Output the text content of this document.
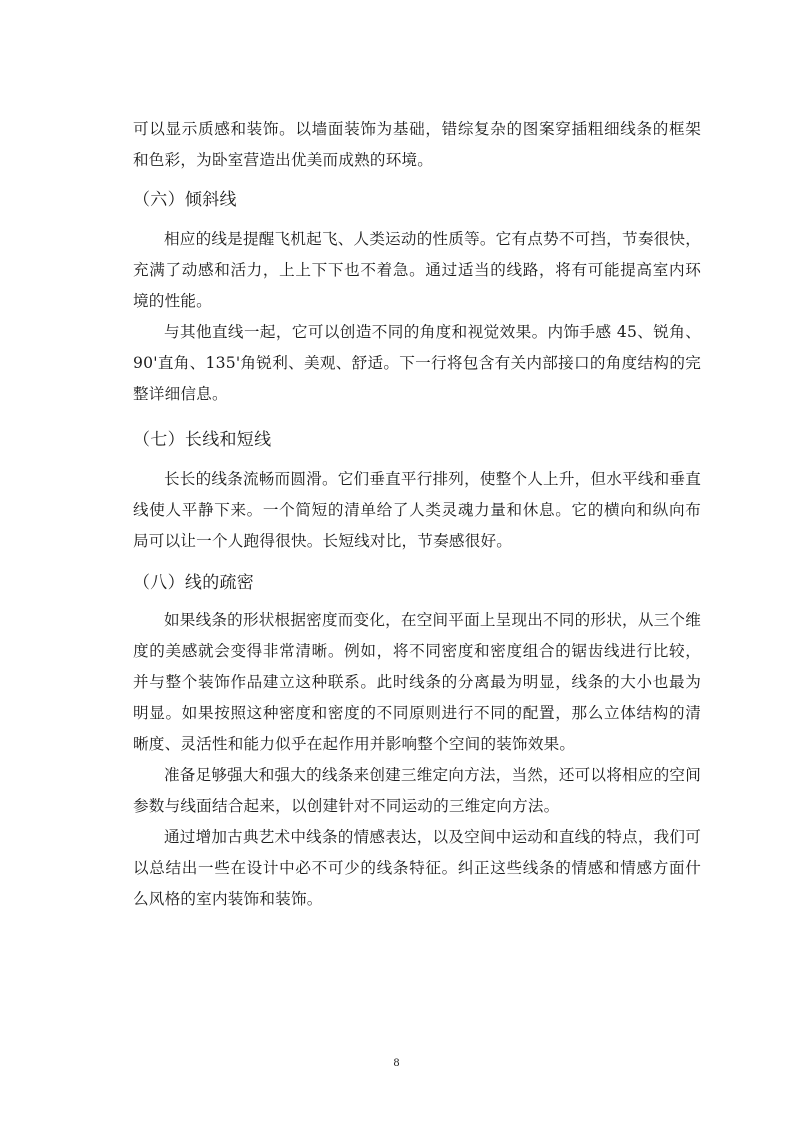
可以显示质感和装饰。以墙面装饰为基础，错综复杂的图案穿插粗细线条的框架和色彩，为卧室营造出优美而成熟的环境。

（六）倾斜线

相应的线是提醒飞机起飞、人类运动的性质等。它有点势不可挡，节奏很快，充满了动感和活力，上上下下也不着急。通过适当的线路，将有可能提高室内环境的性能。

与其他直线一起，它可以创造不同的角度和视觉效果。内饰手感 45、锐角、90'直角、135'角锐利、美观、舒适。下一行将包含有关内部接口的角度结构的完整详细信息。

（七）长线和短线

长长的线条流畅而圆滑。它们垂直平行排列，使整个人上升，但水平线和垂直线使人平静下来。一个简短的清单给了人类灵魂力量和休息。它的横向和纵向布局可以让一个人跑得很快。长短线对比，节奏感很好。

（八）线的疏密

如果线条的形状根据密度而变化，在空间平面上呈现出不同的形状，从三个维度的美感就会变得非常清晰。例如，将不同密度和密度组合的锯齿线进行比较，并与整个装饰作品建立这种联系。此时线条的分离最为明显，线条的大小也最为明显。如果按照这种密度和密度的不同原则进行不同的配置，那么立体结构的清晰度、灵活性和能力似乎在起作用并影响整个空间的装饰效果。

准备足够强大和强大的线条来创建三维定向方法，当然，还可以将相应的空间参数与线面结合起来，以创建针对不同运动的三维定向方法。

通过增加古典艺术中线条的情感表达，以及空间中运动和直线的特点，我们可以总结出一些在设计中必不可少的线条特征。纠正这些线条的情感和情感方面什么风格的室内装饰和装饰。

8
